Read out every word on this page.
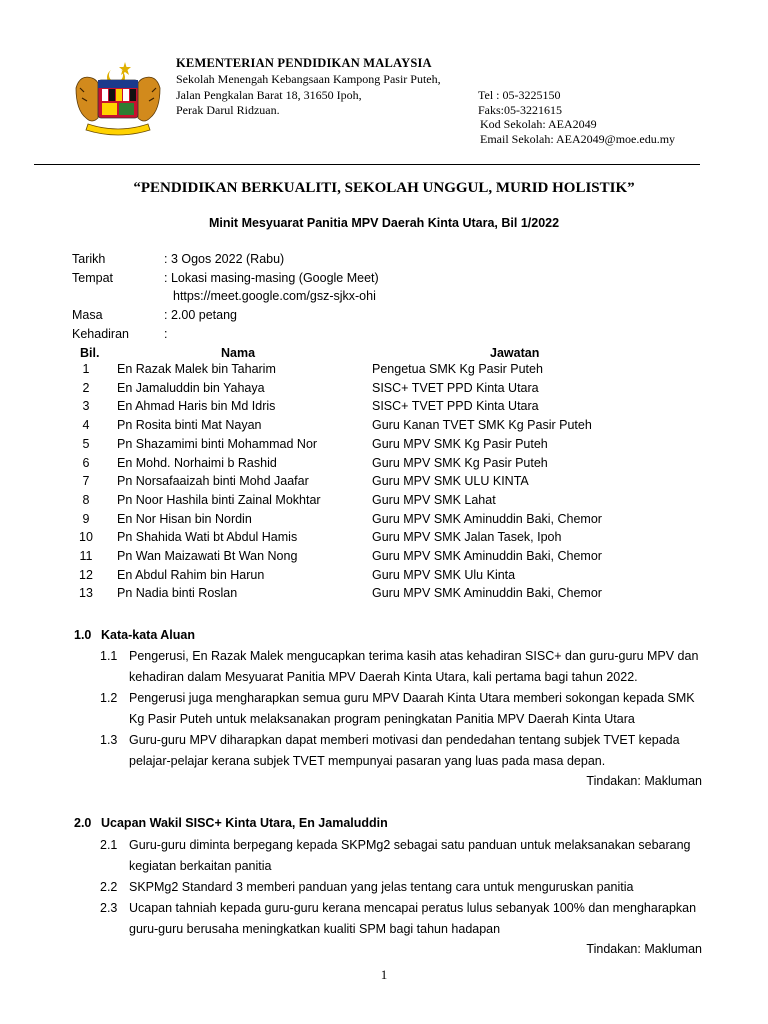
KEMENTERIAN PENDIDIKAN MALAYSIA
Sekolah Menengah Kebangsaan Kampong Pasir Puteh,
Jalan Pengkalan Barat 18, 31650 Ipoh,
Perak Darul Ridzuan.
Tel : 05-3225150
Faks:05-3221615
Kod Sekolah: AEA2049
Email Sekolah: AEA2049@moe.edu.my
“PENDIDIKAN BERKUALITI, SEKOLAH UNGGUL, MURID HOLISTIK”
Minit Mesyuarat Panitia MPV Daerah Kinta Utara, Bil 1/2022
Tarikh	: 3 Ogos 2022 (Rabu)
Tempat	: Lokasi masing-masing (Google Meet)
https://meet.google.com/gsz-sjkx-ohi
Masa	: 2.00 petang
Kehadiran	:
Bil.	Nama	Jawatan
1	En Razak Malek bin Taharim	Pengetua SMK Kg Pasir Puteh
2	En Jamaluddin bin Yahaya	SISC+ TVET PPD Kinta Utara
3	En Ahmad Haris bin Md Idris	SISC+ TVET PPD Kinta Utara
4	Pn Rosita binti Mat Nayan	Guru Kanan TVET SMK Kg Pasir Puteh
5	Pn Shazamimi binti Mohammad Nor	Guru MPV SMK Kg Pasir Puteh
6	En Mohd. Norhaimi b Rashid	Guru MPV SMK Kg Pasir Puteh
7	Pn Norsafaaizah binti Mohd Jaafar	Guru MPV SMK ULU KINTA
8	Pn Noor Hashila binti Zainal Mokhtar	Guru MPV SMK Lahat
9	En Nor Hisan bin Nordin	Guru MPV SMK Aminuddin Baki, Chemor
10	Pn Shahida Wati bt Abdul Hamis	Guru MPV SMK Jalan Tasek, Ipoh
11	Pn Wan Maizawati Bt Wan Nong	Guru MPV SMK Aminuddin Baki, Chemor
12	En Abdul Rahim bin Harun	Guru MPV SMK Ulu Kinta
13	Pn Nadia binti Roslan	Guru MPV SMK Aminuddin Baki, Chemor
1.0 Kata-kata Aluan
1.1 Pengerusi, En Razak Malek mengucapkan terima kasih atas kehadiran SISC+ dan guru-guru MPV dan kehadiran dalam Mesyuarat Panitia MPV Daerah Kinta Utara, kali pertama bagi tahun 2022.
1.2 Pengerusi juga mengharapkan semua guru MPV Daarah Kinta Utara memberi sokongan kepada SMK Kg Pasir Puteh untuk melaksanakan program peningkatan Panitia MPV Daerah Kinta Utara
1.3 Guru-guru MPV diharapkan dapat memberi motivasi dan pendedahan tentang subjek TVET kepada pelajar-pelajar kerana subjek TVET mempunyai pasaran yang luas pada masa depan.
Tindakan: Makluman
2.0 Ucapan Wakil SISC+ Kinta Utara, En Jamaluddin
2.1 Guru-guru diminta berpegang kepada SKPMg2 sebagai satu panduan untuk melaksanakan sebarang kegiatan berkaitan panitia
2.2 SKPMg2 Standard 3 memberi panduan yang jelas tentang cara untuk menguruskan panitia
2.3 Ucapan tahniah kepada guru-guru kerana mencapai peratus lulus sebanyak 100% dan mengharapkan guru-guru berusaha meningkatkan kualiti SPM bagi tahun hadapan
Tindakan: Makluman
1
